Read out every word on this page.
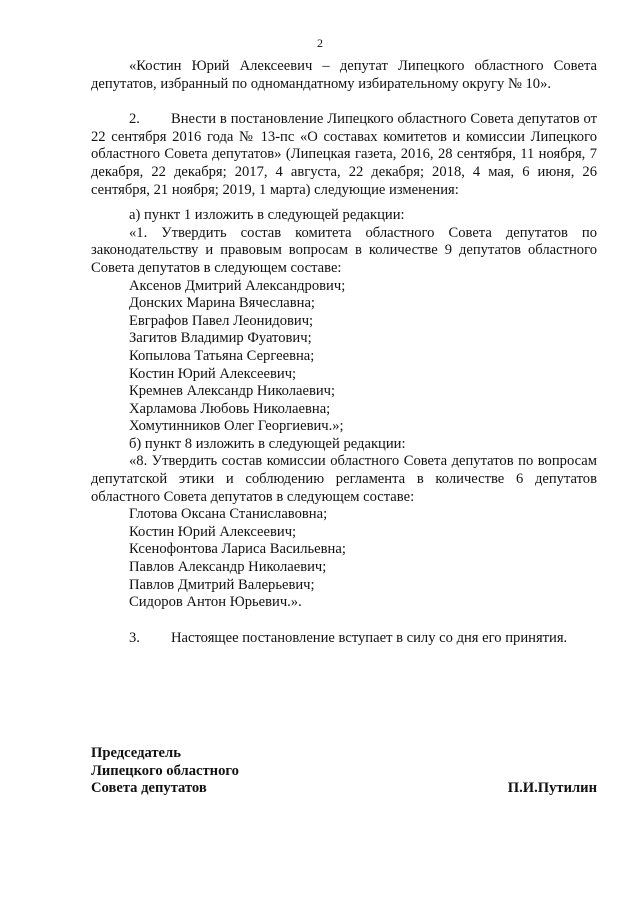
2

«Костин Юрий Алексеевич – депутат Липецкого областного Совета депутатов, избранный по одномандатному избирательному округу № 10».

2.	Внести в постановление Липецкого областного Совета депутатов от 22 сентября 2016 года № 13-пс «О составах комитетов и комиссии Липецкого областного Совета депутатов» (Липецкая газета, 2016, 28 сентября, 11 ноября, 7 декабря, 22 декабря; 2017, 4 августа, 22 декабря; 2018, 4 мая, 6 июня, 26 сентября, 21 ноября; 2019, 1 марта) следующие изменения:

а) пункт 1 изложить в следующей редакции:

«1. Утвердить состав комитета областного Совета депутатов по законодательству и правовым вопросам в количестве 9 депутатов областного Совета депутатов в следующем составе:

Аксенов Дмитрий Александрович;
Донских Марина Вячеславна;
Евграфов Павел Леонидович;
Загитов Владимир Фуатович;
Копылова Татьяна Сергеевна;
Костин Юрий Алексеевич;
Кремнев Александр Николаевич;
Харламова Любовь Николаевна;
Хомутинников Олег Георгиевич.»;

б) пункт 8 изложить в следующей редакции:

«8. Утвердить состав комиссии областного Совета депутатов по вопросам депутатской этики и соблюдению регламента в количестве 6 депутатов областного Совета депутатов в следующем составе:

Глотова Оксана Станиславовна;
Костин Юрий Алексеевич;
Ксенофонтова Лариса Васильевна;
Павлов Александр Николаевич;
Павлов Дмитрий Валерьевич;
Сидоров Антон Юрьевич.».
3.	Настоящее постановление вступает в силу со дня его принятия.
Председатель
Липецкого областного
Совета депутатов	П.И.Путилин
